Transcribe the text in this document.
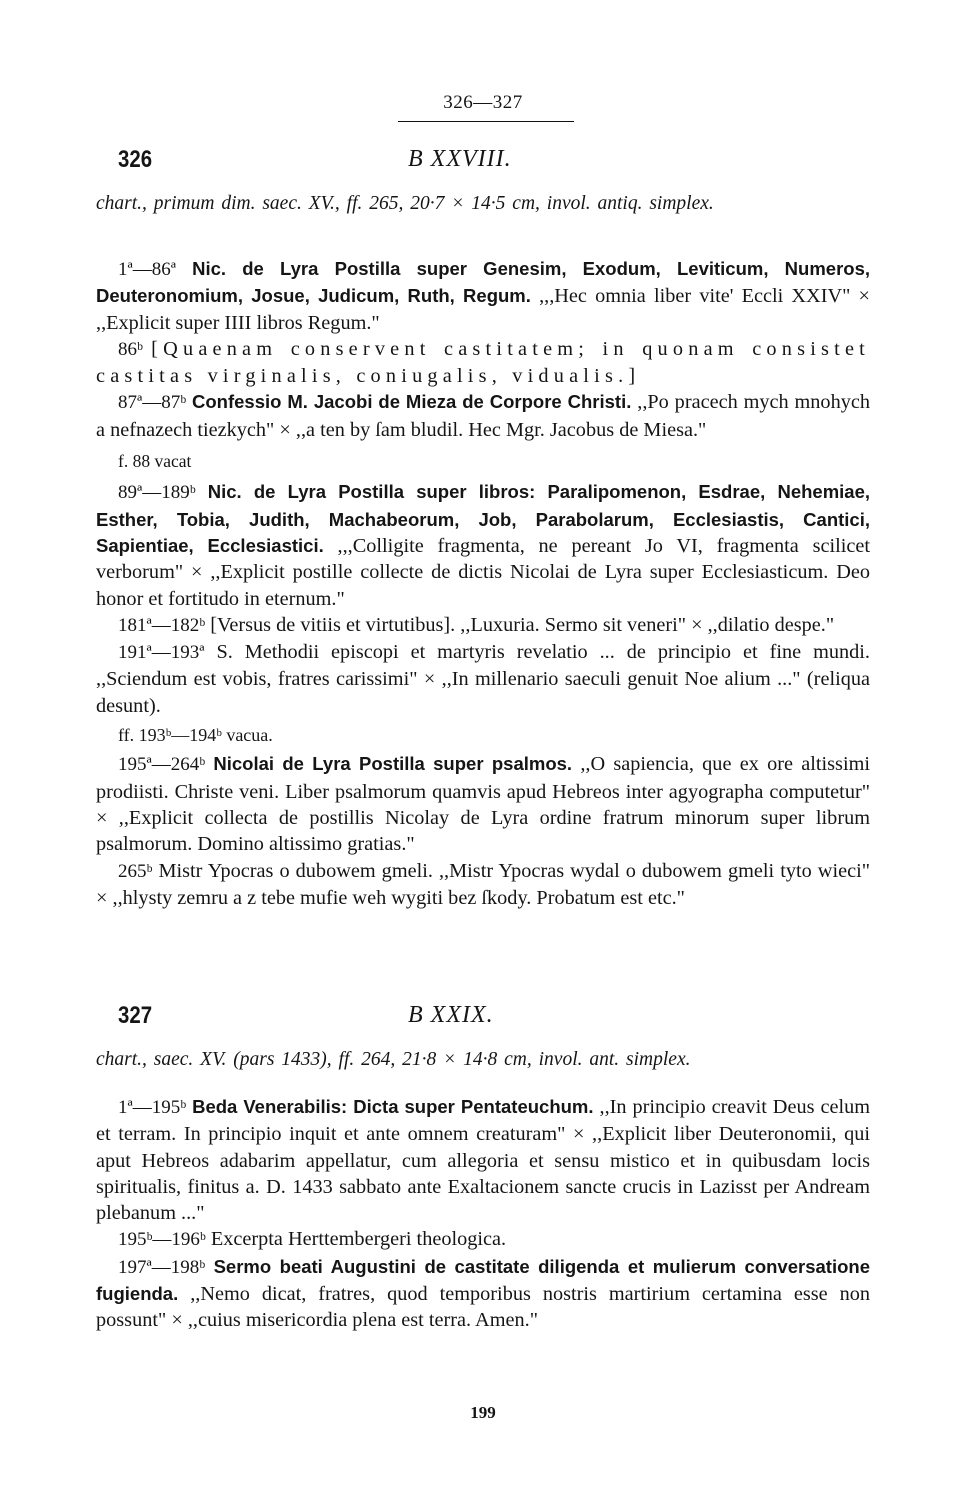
326—327
326	B XXVIII.
chart., primum dim. saec. XV., ff. 265, 20·7 × 14·5 cm, invol. antiq. simplex.

1ª—86ª Nic. de Lyra Postilla super Genesim, Exodum, Leviticum, Numeros, Deuteronomium, Josue, Judicum, Ruth, Regum. ,,,Hec omnia liber vite' Eccli XXIV" × ,,Explicit super IIII libros Regum."

86ᵇ [Quaenam conservent castitatem; in quonam consistet castitas virginalis, coniugalis, vidualis.]

87ª—87ᵇ Confessio M. Jacobi de Mieza de Corpore Christi. ,,Po pracech mych mnohych a nefnazech tiezkych" × ,,a ten by ſam bludil. Hec Mgr. Jacobus de Miesa."

f. 88 vacat

89ª—189ᵇ Nic. de Lyra Postilla super libros: Paralipomenon, Esdrae, Nehemiae, Esther, Tobia, Judith, Machabeorum, Job, Parabolarum, Ecclesiastis, Cantici, Sapientiae, Ecclesiastici. ,,,Colligite fragmenta, ne pereant Jo VI, fragmenta scilicet verborum" × ,,Explicit postille collecte de dictis Nicolai de Lyra super Ecclesiasticum. Deo honor et fortitudo in eternum."

181ª—182ᵇ [Versus de vitiis et virtutibus]. ,,Luxuria. Sermo sit veneri" × ,,dilatio despe."

191ª—193ª S. Methodii episcopi et martyris revelatio ... de principio et fine mundi. ,,Sciendum est vobis, fratres carissimi" × ,,In millenario saeculi genuit Noe alium ..." (reliqua desunt).

ff. 193ᵇ—194ᵇ vacua.

195ª—264ᵇ Nicolai de Lyra Postilla super psalmos. ,,O sapiencia, que ex ore altissimi prodiisti. Christe veni. Liber psalmorum quamvis apud Hebreos inter agyographa computetur" × ,,Explicit collecta de postillis Nicolay de Lyra ordine fratrum minorum super librum psalmorum. Domino altissimo gratias."

265ᵇ Mistr Ypocras o dubowem gmeli. ,,Mistr Ypocras wydal o dubowem gmeli tyto wieci" × ,,hlysty zemru a z tebe mufie weh wygiti bez ſkody. Probatum est etc."

327	B XXIX.
chart., saec. XV. (pars 1433), ff. 264, 21·8 × 14·8 cm, invol. ant. simplex.

1ª—195ᵇ Beda Venerabilis: Dicta super Pentateuchum. ,,In principio creavit Deus celum et terram. In principio inquit et ante omnem creaturam" × ,,Explicit liber Deuteronomii, qui aput Hebreos adabarim appellatur, cum allegoria et sensu mistico et in quibusdam locis spiritualis, finitus a. D. 1433 sabbato ante Exaltacionem sancte crucis in Lazisst per Andream plebanum ..."

195ᵇ—196ᵇ Excerpta Herttembergeri theologica.

197ª—198ᵇ Sermo beati Augustini de castitate diligenda et mulierum conversatione fugienda. ,,Nemo dicat, fratres, quod temporibus nostris martirium certamina esse non possunt" × ,,cuius misericordia plena est terra. Amen."

199
